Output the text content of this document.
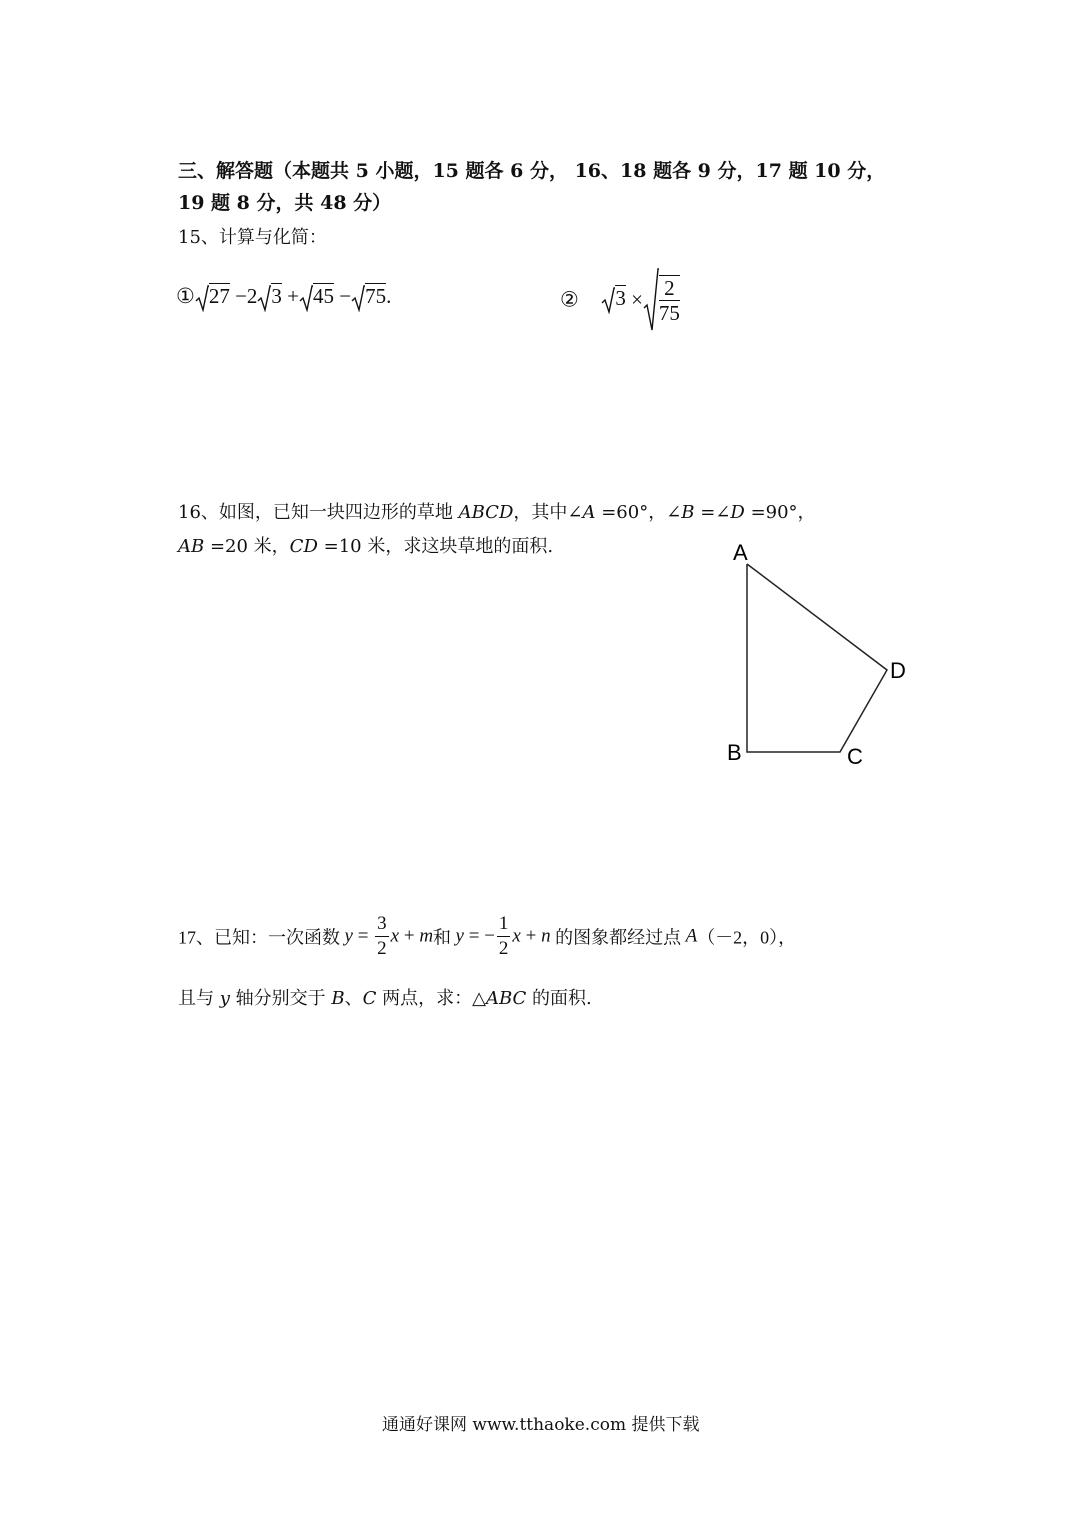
三、解答题（本题共 5 小题，15 题各 6 分， 16、18 题各 9 分，17 题 10 分，
19 题 8 分，共 48 分）
15、计算与化简：
① 27 −2 3 + 45 − 75.	② $3 \times \frac{2}{75}$
16、如图，已知一块四边形的草地 ABCD，其中∠A =60°，∠B =∠D =90°，
AB =20 米，CD =10 米，求这块草地的面积.	A
D
B	C
17、已知：一次函数 $y = \frac{3}{2}$ x + m和 y = − $\frac{1}{2}$ x + n 的图象都经过点 A（－2，0），
且与 y 轴分别交于 B、C 两点，求：△ABC 的面积.
通通好课网 www.tthaoke.com 提供下载
